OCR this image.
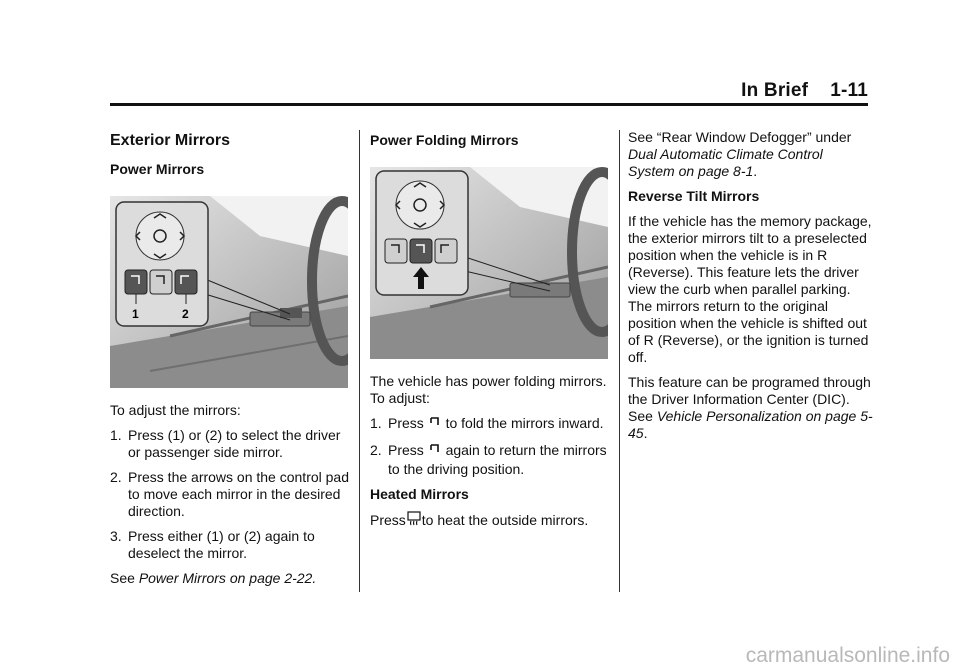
In Brief 1-11
Exterior Mirrors
Power Mirrors
1	2

To adjust the mirrors:

1. Press (1) or (2) to select the driver or passenger side mirror.
2. Press the arrows on the control pad to move each mirror in the desired direction.
3. Press either (1) or (2) again to deselect the mirror.

See Power Mirrors on page 2-22.

Power Folding Mirrors

The vehicle has power folding mirrors. To adjust:

1. Press to fold the mirrors inward.
2. Press again to return the mirrors to the driving position.
Heated Mirrors

Press to heat the outside mirrors.

See “Rear Window Defogger” under Dual Automatic Climate Control System on page 8-1.

Reverse Tilt Mirrors

If the vehicle has the memory package, the exterior mirrors tilt to a preselected position when the vehicle is in R (Reverse). This feature lets the driver view the curb when parallel parking. The mirrors return to the original position when the vehicle is shifted out of R (Reverse), or the ignition is turned off.

This feature can be programed through the Driver Information Center (DIC). See Vehicle Personalization on page 5-45.

carmanualsonline.info
